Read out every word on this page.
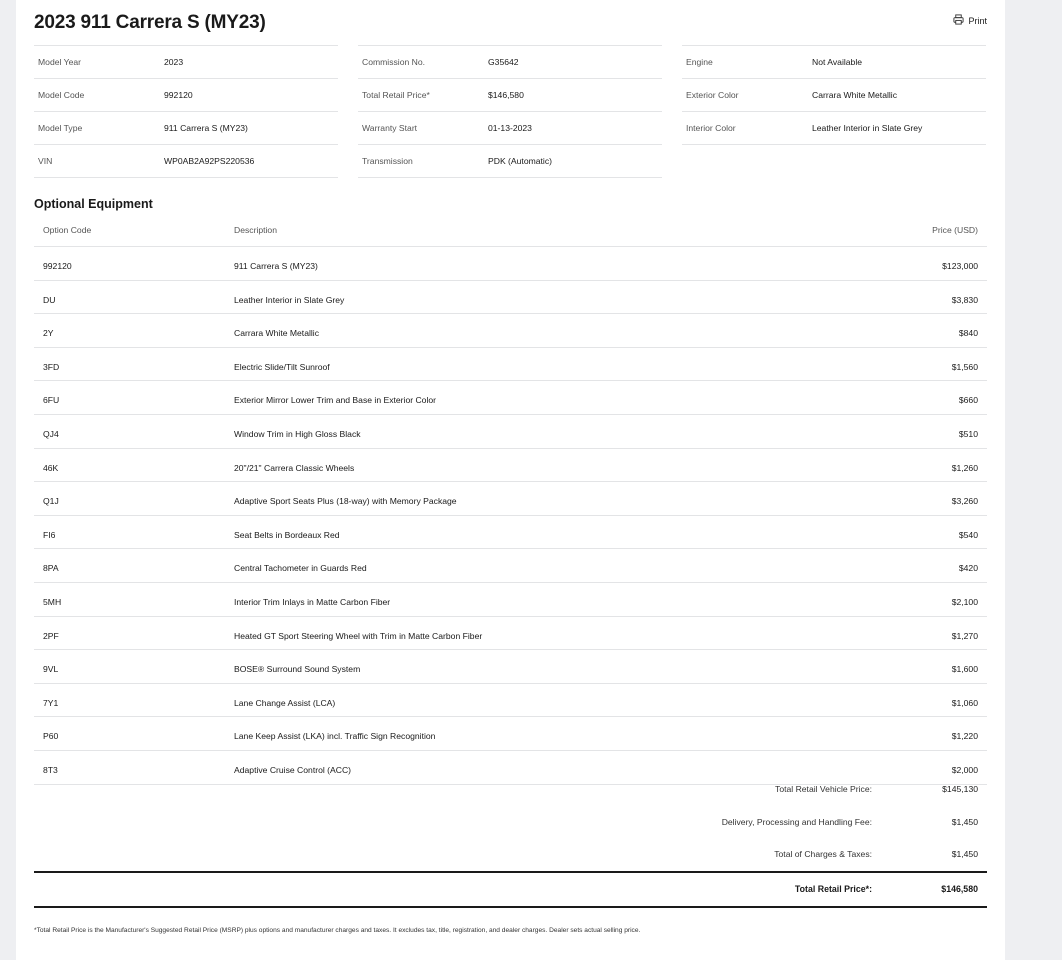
2023 911 Carrera S (MY23)	Print
Model Year	2023
Model Code	992120
Model Type	911 Carrera S (MY23)
VIN	WP0AB2A92PS220536
Commission No.	G35642
Total Retail Price*	$146,580
Warranty Start	01-13-2023
Transmission	PDK (Automatic)
Engine	Not Available
Exterior Color	Carrara White Metallic
Interior Color	Leather Interior in Slate Grey
Optional Equipment
Option Code	Description	Price (USD)
992120	911 Carrera S (MY23)	$123,000
DU	Leather Interior in Slate Grey	$3,830
2Y	Carrara White Metallic	$840
3FD	Electric Slide/Tilt Sunroof	$1,560
6FU	Exterior Mirror Lower Trim and Base in Exterior Color	$660
QJ4	Window Trim in High Gloss Black	$510
46K	20"/21" Carrera Classic Wheels	$1,260
Q1J	Adaptive Sport Seats Plus (18-way) with Memory Package	$3,260
FI6	Seat Belts in Bordeaux Red	$540
8PA	Central Tachometer in Guards Red	$420
5MH	Interior Trim Inlays in Matte Carbon Fiber	$2,100
2PF	Heated GT Sport Steering Wheel with Trim in Matte Carbon Fiber	$1,270
9VL	BOSE® Surround Sound System	$1,600
7Y1	Lane Change Assist (LCA)	$1,060
P60	Lane Keep Assist (LKA) incl. Traffic Sign Recognition	$1,220
8T3	Adaptive Cruise Control (ACC)	$2,000
Total Retail Vehicle Price:	$145,130
Delivery, Processing and Handling Fee:	$1,450
Total of Charges & Taxes:	$1,450
Total Retail Price*:	$146,580
*Total Retail Price is the Manufacturer's Suggested Retail Price (MSRP) plus options and manufacturer charges and taxes. It excludes tax, title, registration, and dealer charges. Dealer sets actual selling price.
